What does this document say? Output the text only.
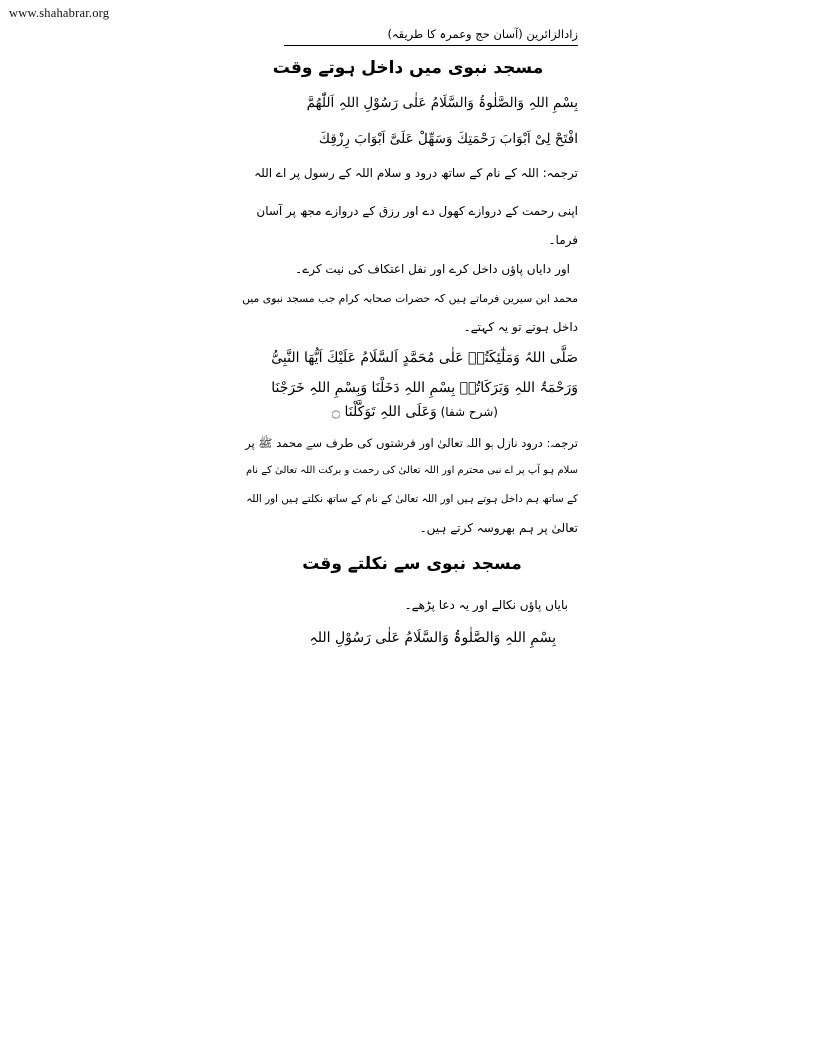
www.shahabrar.org
زادالزائرین (آسان حج وعمرہ کا طریقہ)
مسجد نبوی میں داخل ہوتے وقت
بِسْمِ اللہِ وَالصَّلٰوۃُ وَالسَّلَامُ عَلٰی رَسُوْلِ اللہِ اَللّٰھُمَّ
افْتَحْ لِیْ اَبْوَابَ رَحْمَتِكَ وَسَهِّلْ عَلَیَّ اَبْوَابَ رِزْقِكَ
ترجمہ: اللہ کے نام کے ساتھ درود و سلام اللہ کے رسول پر اے اللہ
اپنی رحمت کے دروازے کھول دے اور رزق کے دروازے مجھ پر آسان
فرما۔
اور دایاں پاؤں داخل کرے اور نفل اعتکاف کی نیت کرے۔
محمد ابن سیرین فرماتے ہیں کہ حضرات صحابہ کرام جب مسجد نبوی میں
داخل ہوتے تو یہ کہتے۔
صَلَّی اللہُ وَمَلٰٓئِکَتُہٗ عَلٰی مُحَمَّدٍ اَلسَّلَامُ عَلَیْكَ اَیُّھَا النَّبِیُّ
وَرَحْمَۃُ اللہِ وَبَرَکَاتُہٗ بِسْمِ اللہِ دَخَلْنَا وَبِسْمِ اللہِ خَرَجْنَا
(شرح شفا) وَعَلَی اللہِ تَوَکَّلْنَا ۝
ترجمہ: درود نازل ہو اللہ تعالیٰ اور فرشتوں کی طرف سے محمد ﷺ پر
سلام ہو آپ پر اے نبی محترم اور اللہ تعالیٰ کی رحمت و برکت اللہ تعالیٰ کے نام
کے ساتھ ہم داخل ہوتے ہیں اور اللہ تعالیٰ کے نام کے ساتھ نکلتے ہیں اور اللہ
تعالیٰ پر ہم بھروسہ کرتے ہیں۔
مسجد نبوی سے نکلتے وقت
بایاں پاؤں نکالے اور یہ دعا پڑھے۔
بِسْمِ اللہِ وَالصَّلٰوۃُ وَالسَّلَامُ عَلٰی رَسُوْلِ اللہِ
